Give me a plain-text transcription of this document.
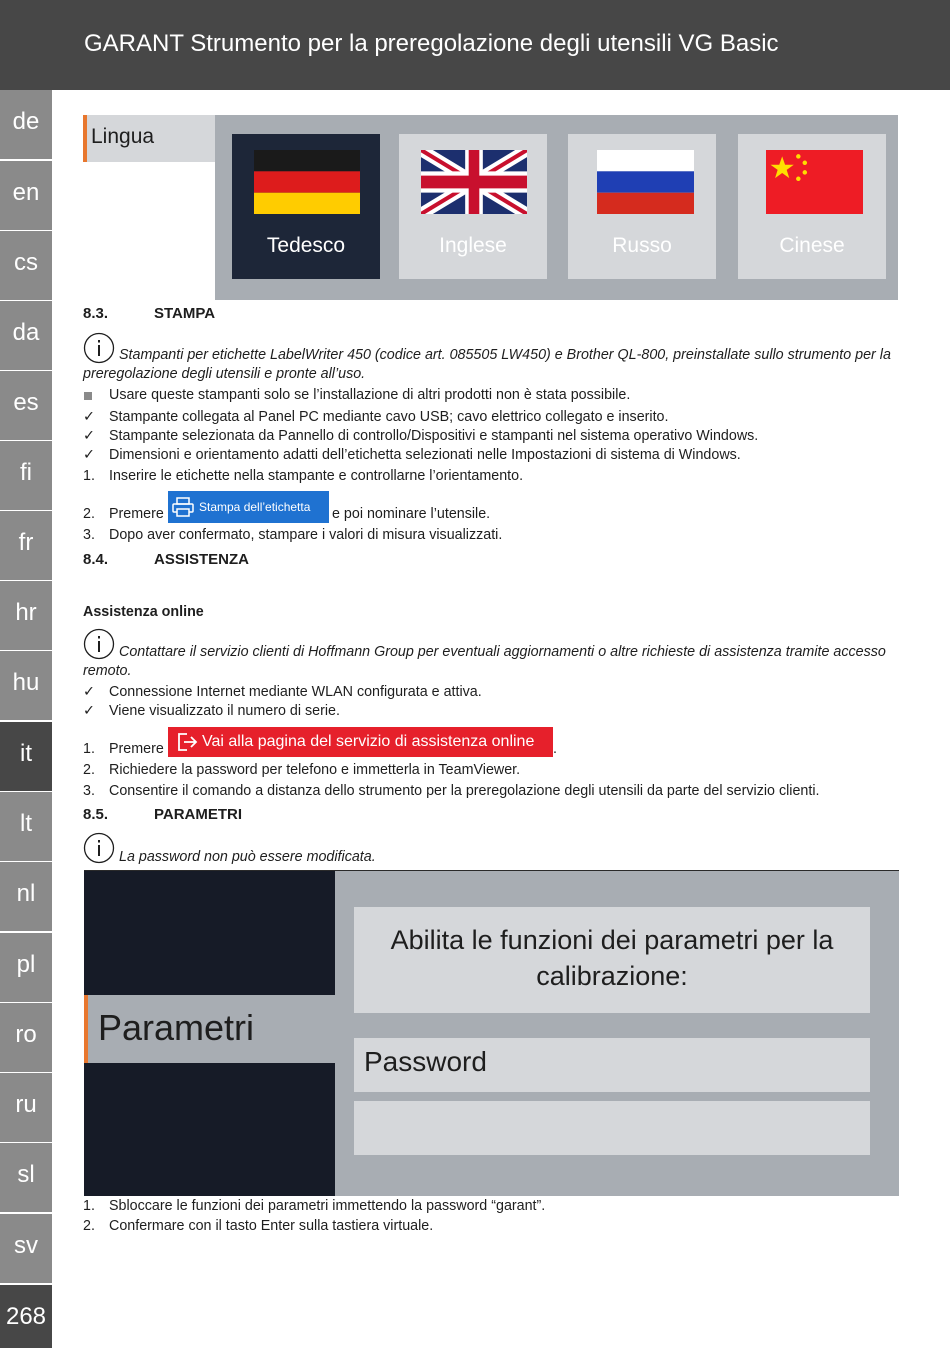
GARANT Strumento per la preregolazione degli utensili VG Basic
de
en
cs
da
es
fi
fr
hr
hu
it
lt
nl
pl
ro
ru
sl
sv
268
Lingua
Tedesco	Inglese	Russo	Cinese
8.3.	STAMPA
Stampanti per etichette LabelWriter 450 (codice art. 085505 LW450) e Brother QL-800, preinstallate sullo strumento per la preregolazione degli utensili e pronte all’uso.
Usare queste stampanti solo se l’installazione di altri prodotti non è stata possibile.
✓ Stampante collegata al Panel PC mediante cavo USB; cavo elettrico collegato e inserito.
✓ Stampante selezionata da Pannello di controllo/Dispositivi e stampanti nel sistema operativo Windows.
✓ Dimensioni e orientamento adatti dell’etichetta selezionati nelle Impostazioni di sistema di Windows.
1. Inserire le etichette nella stampante e controllarne l’orientamento.
2. Premere	Stampa dell’etichetta e poi nominare l’utensile.
3. Dopo aver confermato, stampare i valori di misura visualizzati.
8.4.	ASSISTENZA
Assistenza online
Contattare il servizio clienti di Hoffmann Group per eventuali aggiornamenti o altre richieste di assistenza tramite accesso remoto.
✓ Connessione Internet mediante WLAN configurata e attiva.
✓ Viene visualizzato il numero di serie.
1. Premere Vai alla pagina del servizio di assistenza online .
2. Richiedere la password per telefono e immetterla in TeamViewer.
3. Consentire il comando a distanza dello strumento per la preregolazione degli utensili da parte del servizio clienti.
8.5.	PARAMETRI
La password non può essere modificata.
Parametri
Abilita le funzioni dei parametri per la calibrazione:
Password
1. Sbloccare le funzioni dei parametri immettendo la password “garant”.
2. Confermare con il tasto Enter sulla tastiera virtuale.
